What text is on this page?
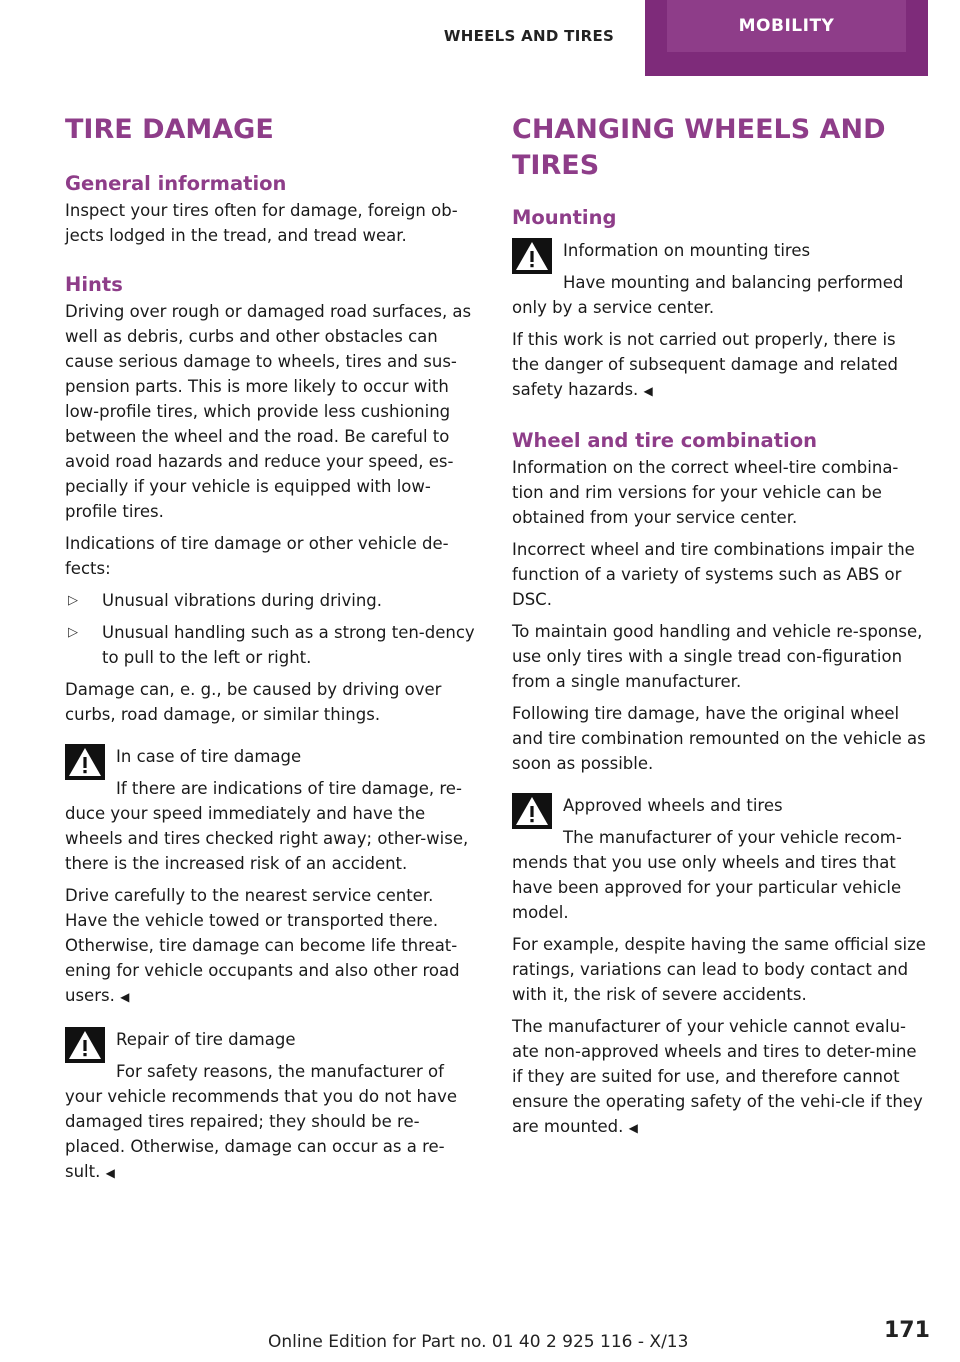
WHEELS AND TIRES	MOBILITY
TIRE DAMAGE
General information

Inspect your tires often for damage, foreign ob-jects lodged in the tread, and tread wear.

Hints

Driving over rough or damaged road surfaces, as well as debris, curbs and other obstacles can cause serious damage to wheels, tires and sus-pension parts. This is more likely to occur with low-profile tires, which provide less cushioning between the wheel and the road. Be careful to avoid road hazards and reduce your speed, es-pecially if your vehicle is equipped with low-profile tires.

Indications of tire damage or other vehicle de-fects:

▷	Unusual vibrations during driving.
▷	Unusual handling such as a strong ten-dency to pull to the left or right.

Damage can, e. g., be caused by driving over curbs, road damage, or similar things.

In case of tire damage

If there are indications of tire damage, re-duce your speed immediately and have the wheels and tires checked right away; other-wise, there is the increased risk of an accident.

Drive carefully to the nearest service center. Have the vehicle towed or transported there. Otherwise, tire damage can become life threat-ening for vehicle occupants and also other road users. ◀

Repair of tire damage

For safety reasons, the manufacturer of your vehicle recommends that you do not have damaged tires repaired; they should be re-placed. Otherwise, damage can occur as a re-sult. ◀

CHANGING WHEELS AND TIRES
Mounting

Information on mounting tires

Have mounting and balancing performed only by a service center.

If this work is not carried out properly, there is the danger of subsequent damage and related safety hazards. ◀

Wheel and tire combination

Information on the correct wheel-tire combina-tion and rim versions for your vehicle can be obtained from your service center.

Incorrect wheel and tire combinations impair the function of a variety of systems such as ABS or DSC.

To maintain good handling and vehicle re-sponse, use only tires with a single tread con-figuration from a single manufacturer.

Following tire damage, have the original wheel and tire combination remounted on the vehicle as soon as possible.

Approved wheels and tires

The manufacturer of your vehicle recom-mends that you use only wheels and tires that have been approved for your particular vehicle model.

For example, despite having the same official size ratings, variations can lead to body contact and with it, the risk of severe accidents.

The manufacturer of your vehicle cannot evalu-ate non-approved wheels and tires to deter-mine if they are suited for use, and therefore cannot ensure the operating safety of the vehi-cle if they are mounted. ◀

Online Edition for Part no. 01 40 2 925 116 - X/13	171
